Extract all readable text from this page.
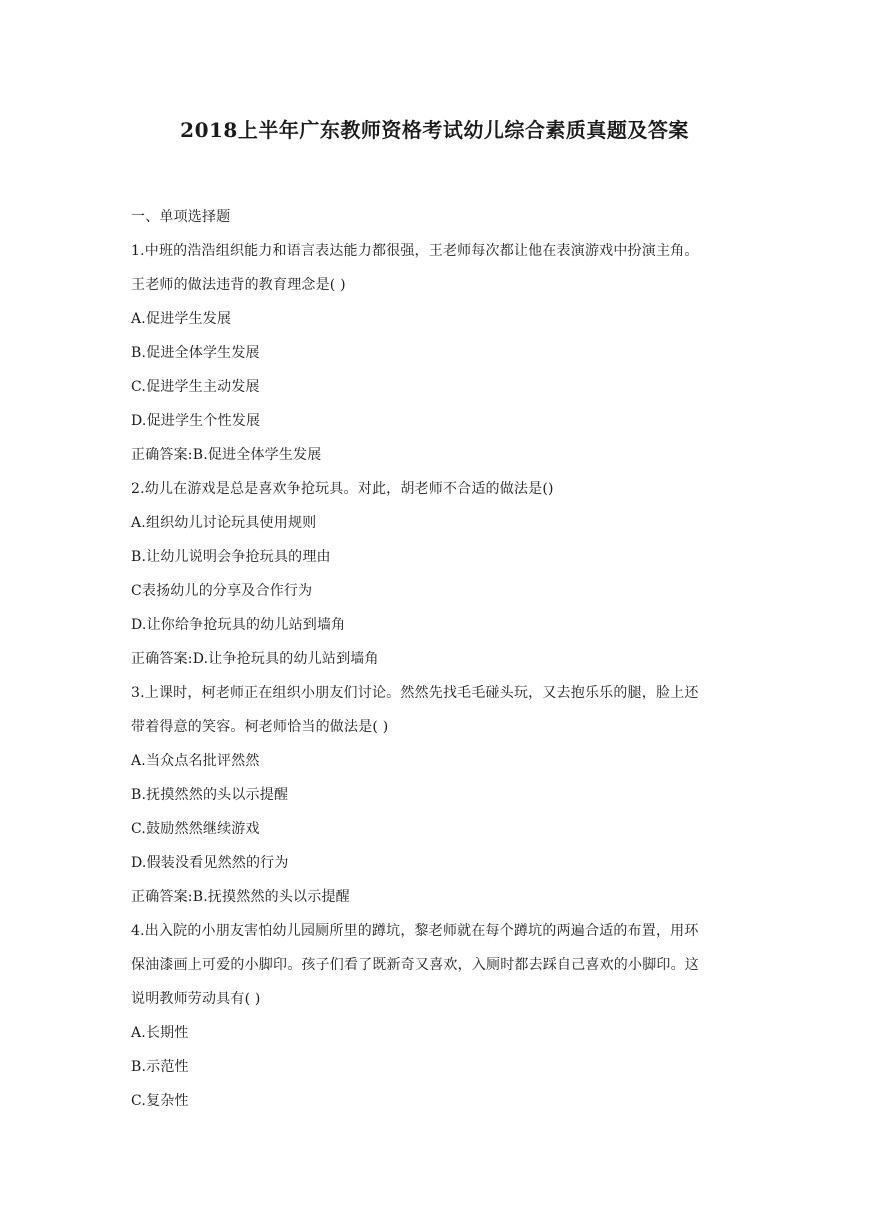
2018上半年广东教师资格考试幼儿综合素质真题及答案
一、单项选择题
1.中班的浩浩组织能力和语言表达能力都很强，王老师每次都让他在表演游戏中扮演主角。
王老师的做法违背的教育理念是( )
A.促进学生发展
B.促进全体学生发展
C.促进学生主动发展
D.促进学生个性发展
正确答案:B.促进全体学生发展
2.幼儿在游戏是总是喜欢争抢玩具。对此，胡老师不合适的做法是()
A.组织幼儿讨论玩具使用规则
B.让幼儿说明会争抢玩具的理由
C表扬幼儿的分享及合作行为
D.让你给争抢玩具的幼儿站到墙角
正确答案:D.让争抢玩具的幼儿站到墙角
3.上课时，柯老师正在组织小朋友们讨论。然然先找毛毛碰头玩，又去抱乐乐的腿，脸上还
带着得意的笑容。柯老师恰当的做法是( )
A.当众点名批评然然
B.抚摸然然的头以示提醒
C.鼓励然然继续游戏
D.假装没看见然然的行为
正确答案:B.抚摸然然的头以示提醒
4.出入院的小朋友害怕幼儿园厕所里的蹲坑，黎老师就在每个蹲坑的两遍合适的布置，用环
保油漆画上可爱的小脚印。孩子们看了既新奇又喜欢，入厕时都去踩自己喜欢的小脚印。这
说明教师劳动具有( )
A.长期性
B.示范性
C.复杂性
